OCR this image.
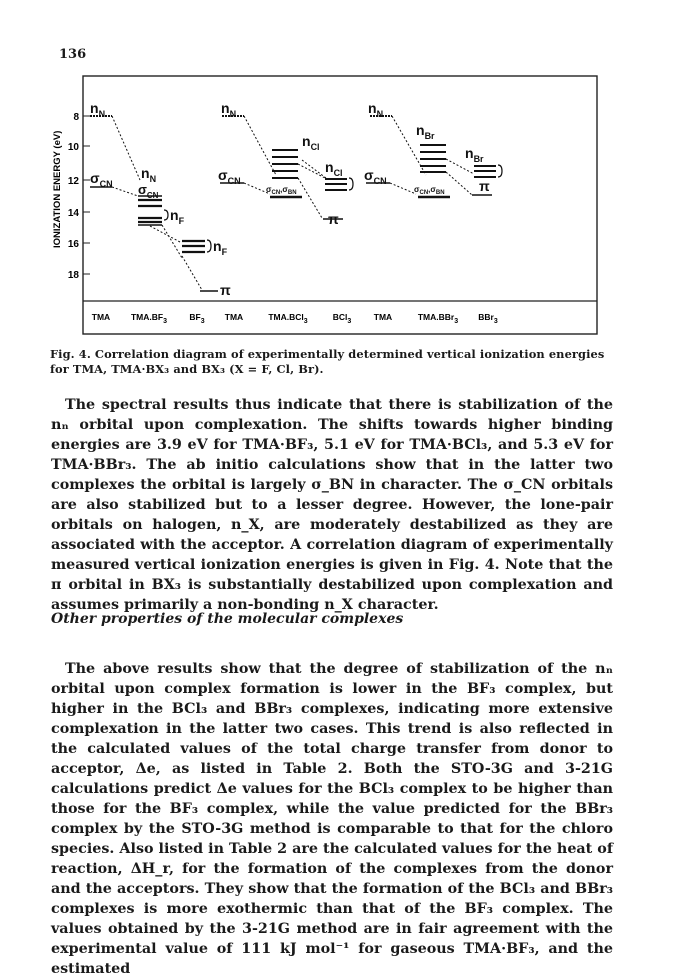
136
IONIZATION ENERGY (eV)
8
10
12
14
16
18
TMA $TMA.BF_3$	$BF_3$ TMA	TMA.BCl$_3$	BCl$_3$	TMA	TMA.BBr$_3$ BBr$_3$
$n_N$
$\sigma_{CN}$
$n_N$
$\sigma_{CN}$
$n_F$
$n_F$
π
$n_N$
$\sigma_{CN}$
$n_{Cl}$
$n_{Cl}$
$\sigma_{CN},\sigma_{BN}$
π
$n_N$
$\sigma_{CN}$
$n_{Br}$
$n_{Br}$
$\sigma_{CN},\sigma_{BN}$ π
Fig. 4. Correlation diagram of experimentally determined vertical ionization energies for TMA, TMA·BX₃ and BX₃ (X = F, Cl, Br).

The spectral results thus indicate that there is stabilization of the nₙ orbital upon complexation. The shifts towards higher binding energies are 3.9 eV for TMA·BF₃, 5.1 eV for TMA·BCl₃, and 5.3 eV for TMA·BBr₃. The ab initio calculations show that in the latter two complexes the orbital is largely σ_BN in character. The σ_CN orbitals are also stabilized but to a lesser degree. However, the lone-pair orbitals on halogen, n_X, are moderately destabilized as they are associated with the acceptor. A correlation diagram of experimentally measured vertical ionization energies is given in Fig. 4. Note that the π orbital in BX₃ is substantially destabilized upon complexation and assumes primarily a non-bonding n_X character.

Other properties of the molecular complexes

The above results show that the degree of stabilization of the nₙ orbital upon complex formation is lower in the BF₃ complex, but higher in the BCl₃ and BBr₃ complexes, indicating more extensive complexation in the latter two cases. This trend is also reflected in the calculated values of the total charge transfer from donor to acceptor, Δe, as listed in Table 2. Both the STO-3G and 3-21G calculations predict Δe values for the BCl₃ complex to be higher than those for the BF₃ complex, while the value predicted for the BBr₃ complex by the STO-3G method is comparable to that for the chloro species. Also listed in Table 2 are the calculated values for the heat of reaction, ΔH_r, for the formation of the complexes from the donor and the acceptors. They show that the formation of the BCl₃ and BBr₃ complexes is more exothermic than that of the BF₃ complex. The values obtained by the 3-21G method are in fair agreement with the experimental value of 111 kJ mol⁻¹ for gaseous TMA·BF₃, and the estimated
